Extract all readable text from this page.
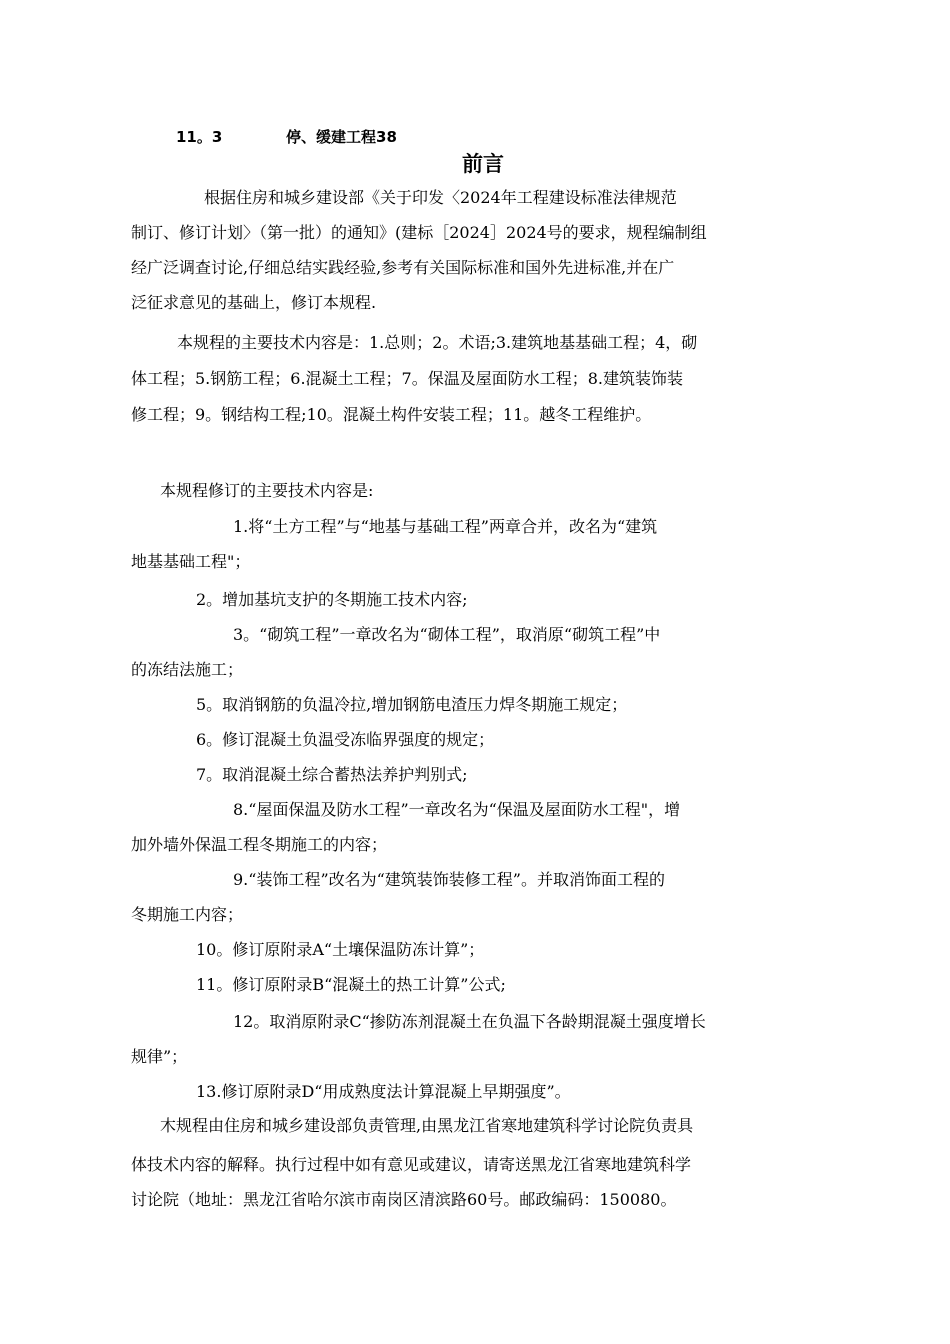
11。3	停、缓建工程38
前言
根据住房和城乡建设部《关于印发〈2024年工程建设标准法律规范
制订、修订计划〉（第一批）的通知》(建标［2024］2024号的要求，规程编制组
经广泛调查讨论,仔细总结实践经验,参考有关国际标准和国外先进标准,并在广
泛征求意见的基础上，修订本规程.
本规程的主要技术内容是：1.总则；2。术语;3.建筑地基基础工程；4，砌
体工程；5.钢筋工程；6.混凝土工程；7。保温及屋面防水工程；8.建筑装饰装
修工程；9。钢结构工程;10。混凝土构件安装工程；11。越冬工程维护。
本规程修订的主要技术内容是:
1.将“土方工程”与“地基与基础工程”两章合并，改名为“建筑
地基基础工程"；
2。增加基坑支护的冬期施工技术内容;
3。“砌筑工程”一章改名为“砌体工程”，取消原“砌筑工程”中
的冻结法施工；
5。取消钢筋的负温冷拉,增加钢筋电渣压力焊冬期施工规定；
6。修订混凝土负温受冻临界强度的规定；
7。取消混凝土综合蓄热法养护判别式;
8.“屋面保温及防水工程”一章改名为“保温及屋面防水工程"，增
加外墙外保温工程冬期施工的内容；
9.“装饰工程”改名为“建筑装饰装修工程”。并取消饰面工程的
冬期施工内容；
10。修订原附录A“土壤保温防冻计算”；
11。修订原附录B“混凝土的热工计算”公式;
12。取消原附录C“掺防冻剂混凝土在负温下各龄期混凝土强度增长
规律”；
13.修订原附录D“用成熟度法计算混凝上早期强度”。
木规程由住房和城乡建设部负责管理,由黑龙江省寒地建筑科学讨论院负责具
体技术内容的解释。执行过程中如有意见或建议，请寄送黑龙江省寒地建筑科学
讨论院（地址：黑龙江省哈尔滨市南岗区清滨路60号。邮政编码：150080。
